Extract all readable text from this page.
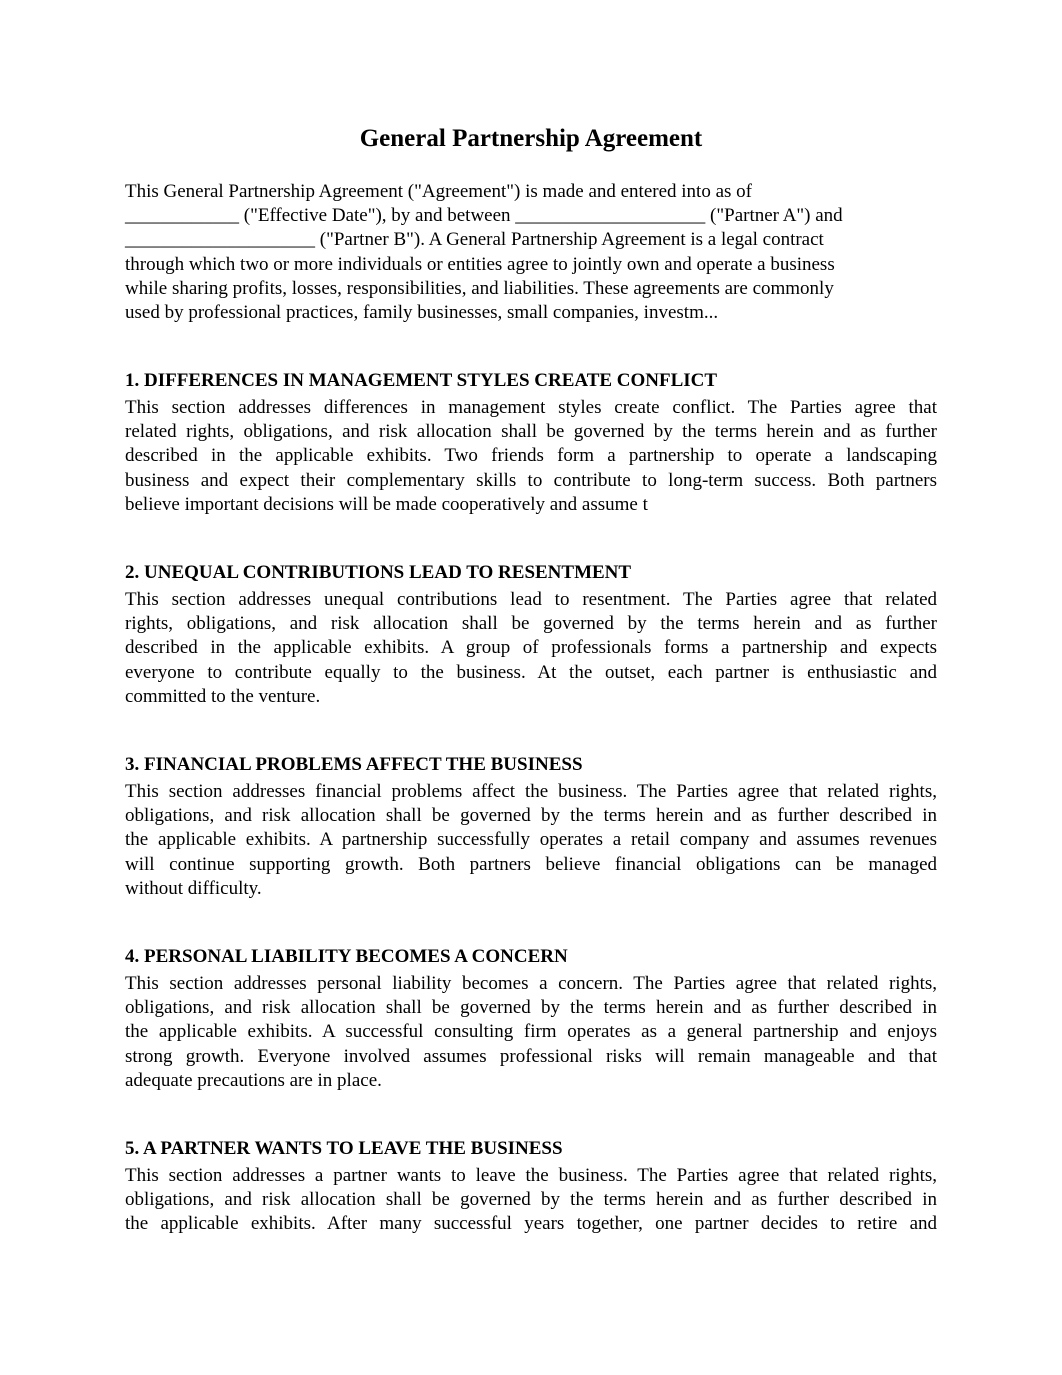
General Partnership Agreement
This General Partnership Agreement ("Agreement") is made and entered into as of
____________ ("Effective Date"), by and between ____________________ ("Partner A") and
____________________ ("Partner B"). A General Partnership Agreement is a legal contract
through which two or more individuals or entities agree to jointly own and operate a business
while sharing profits, losses, responsibilities, and liabilities. These agreements are commonly
used by professional practices, family businesses, small companies, investm...
1. DIFFERENCES IN MANAGEMENT STYLES CREATE CONFLICT
This section addresses differences in management styles create conflict. The Parties agree that
related rights, obligations, and risk allocation shall be governed by the terms herein and as further
described in the applicable exhibits. Two friends form a partnership to operate a landscaping
business and expect their complementary skills to contribute to long-term success. Both partners
believe important decisions will be made cooperatively and assume t
2. UNEQUAL CONTRIBUTIONS LEAD TO RESENTMENT
This section addresses unequal contributions lead to resentment. The Parties agree that related
rights, obligations, and risk allocation shall be governed by the terms herein and as further
described in the applicable exhibits. A group of professionals forms a partnership and expects
everyone to contribute equally to the business. At the outset, each partner is enthusiastic and
committed to the venture.
3. FINANCIAL PROBLEMS AFFECT THE BUSINESS
This section addresses financial problems affect the business. The Parties agree that related rights,
obligations, and risk allocation shall be governed by the terms herein and as further described in
the applicable exhibits. A partnership successfully operates a retail company and assumes revenues
will continue supporting growth. Both partners believe financial obligations can be managed
without difficulty.
4. PERSONAL LIABILITY BECOMES A CONCERN
This section addresses personal liability becomes a concern. The Parties agree that related rights,
obligations, and risk allocation shall be governed by the terms herein and as further described in
the applicable exhibits. A successful consulting firm operates as a general partnership and enjoys
strong growth. Everyone involved assumes professional risks will remain manageable and that
adequate precautions are in place.
5. A PARTNER WANTS TO LEAVE THE BUSINESS
This section addresses a partner wants to leave the business. The Parties agree that related rights,
obligations, and risk allocation shall be governed by the terms herein and as further described in
the applicable exhibits. After many successful years together, one partner decides to retire and
